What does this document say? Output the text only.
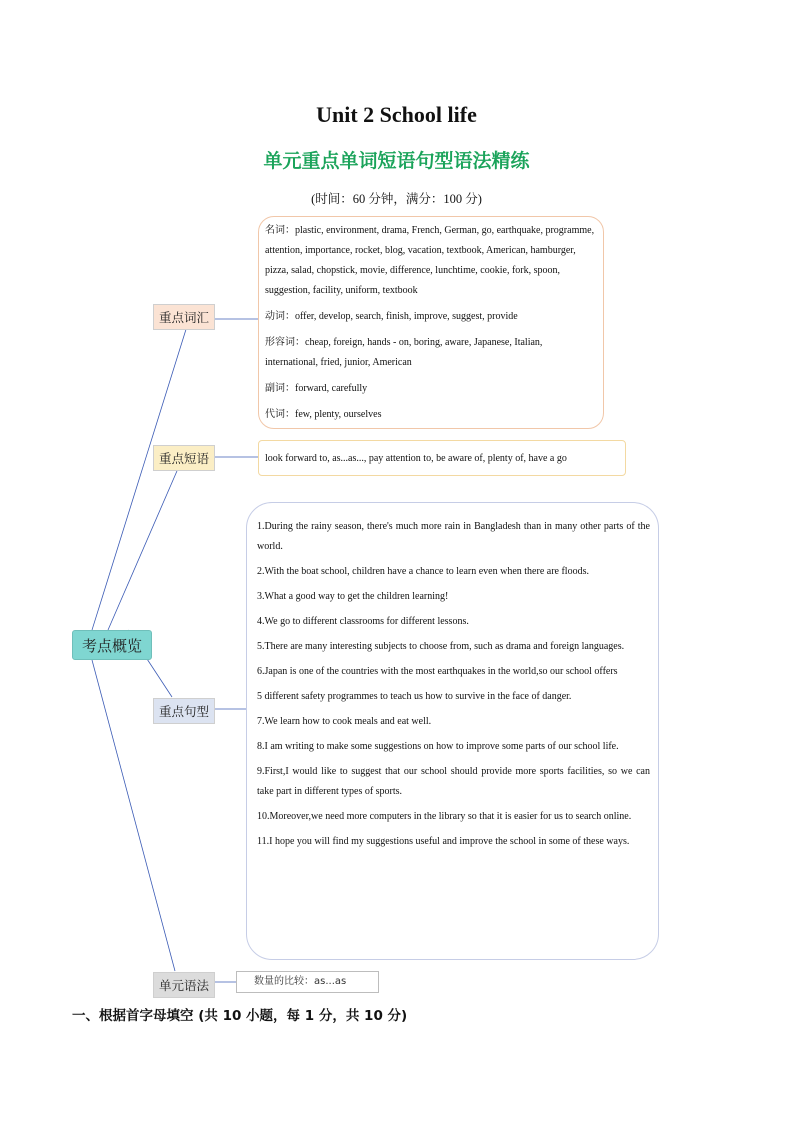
Unit 2 School life
单元重点单词短语句型语法精练
(时间：60 分钟，满分：100 分)
重点词汇
重点短语
重点句型
单元语法
考点概览
名词：plastic, environment, drama, French, German, go, earthquake, programme, attention, importance, rocket, blog, vacation, textbook, American, hamburger, pizza, salad, chopstick, movie, difference, lunchtime, cookie, fork, spoon, suggestion, facility, uniform, textbook
动词：offer, develop, search, finish, improve, suggest, provide
形容词：cheap, foreign, hands - on, boring, aware, Japanese, Italian, international, fried, junior, American
副词：forward, carefully
代词：few, plenty, ourselves
look forward to, as...as..., pay attention to, be aware of, plenty of, have a go
1.During the rainy season, there's much more rain in Bangladesh than in many other parts of the world.
2.With the boat school, children have a chance to learn even when there are floods.
3.What a good way to get the children learning!
4.We go to different classrooms for different lessons.
5.There are many interesting subjects to choose from, such as drama and foreign languages.
6.Japan is one of the countries with the most earthquakes in the world,so our school offers
5 different safety programmes to teach us how to survive in the face of danger.
7.We learn how to cook meals and eat well.
8.I am writing to make some suggestions on how to improve some parts of our school life.
9.First,I would like to suggest that our school should provide more sports facilities, so we can take part in different types of sports.
10.Moreover,we need more computers in the library so that it is easier for us to search online.
11.I hope you will find my suggestions useful and improve the school in some of these ways.
数量的比较：as...as
一、根据首字母填空 (共 10 小题，每 1 分，共 10 分)
